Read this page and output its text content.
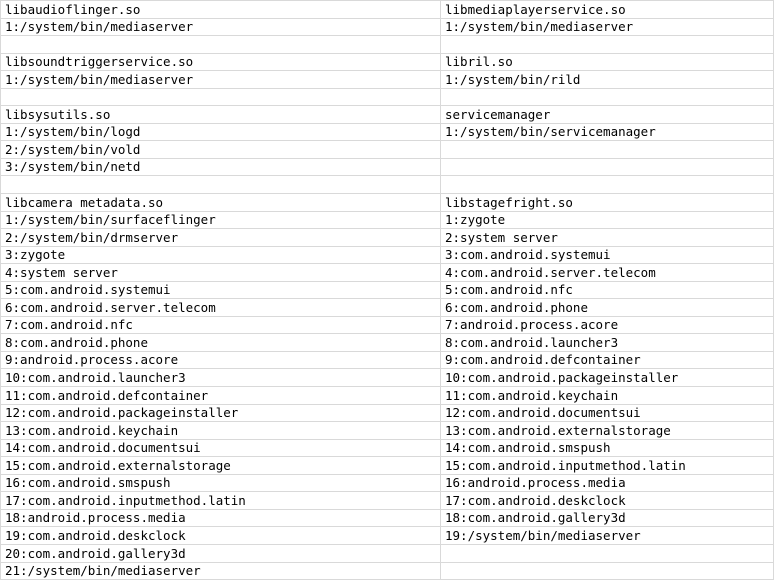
libaudioflinger.so	libmediaplayerservice.so
1:/system/bin/mediaserver	1:/system/bin/mediaserver

libsoundtriggerservice.so	libril.so
1:/system/bin/mediaserver	1:/system/bin/rild

libsysutils.so	servicemanager
1:/system/bin/logd	1:/system/bin/servicemanager
2:/system/bin/vold	
3:/system/bin/netd	

libcamera metadata.so	libstagefright.so
1:/system/bin/surfaceflinger	1:zygote
2:/system/bin/drmserver	2:system server
3:zygote	3:com.android.systemui
4:system server	4:com.android.server.telecom
5:com.android.systemui	5:com.android.nfc
6:com.android.server.telecom	6:com.android.phone
7:com.android.nfc	7:android.process.acore
8:com.android.phone	8:com.android.launcher3
9:android.process.acore	9:com.android.defcontainer
10:com.android.launcher3	10:com.android.packageinstaller
11:com.android.defcontainer	11:com.android.keychain
12:com.android.packageinstaller	12:com.android.documentsui
13:com.android.keychain	13:com.android.externalstorage
14:com.android.documentsui	14:com.android.smspush
15:com.android.externalstorage	15:com.android.inputmethod.latin
16:com.android.smspush	16:android.process.media
17:com.android.inputmethod.latin	17:com.android.deskclock
18:android.process.media	18:com.android.gallery3d
19:com.android.deskclock	19:/system/bin/mediaserver
20:com.android.gallery3d	
21:/system/bin/mediaserver	
